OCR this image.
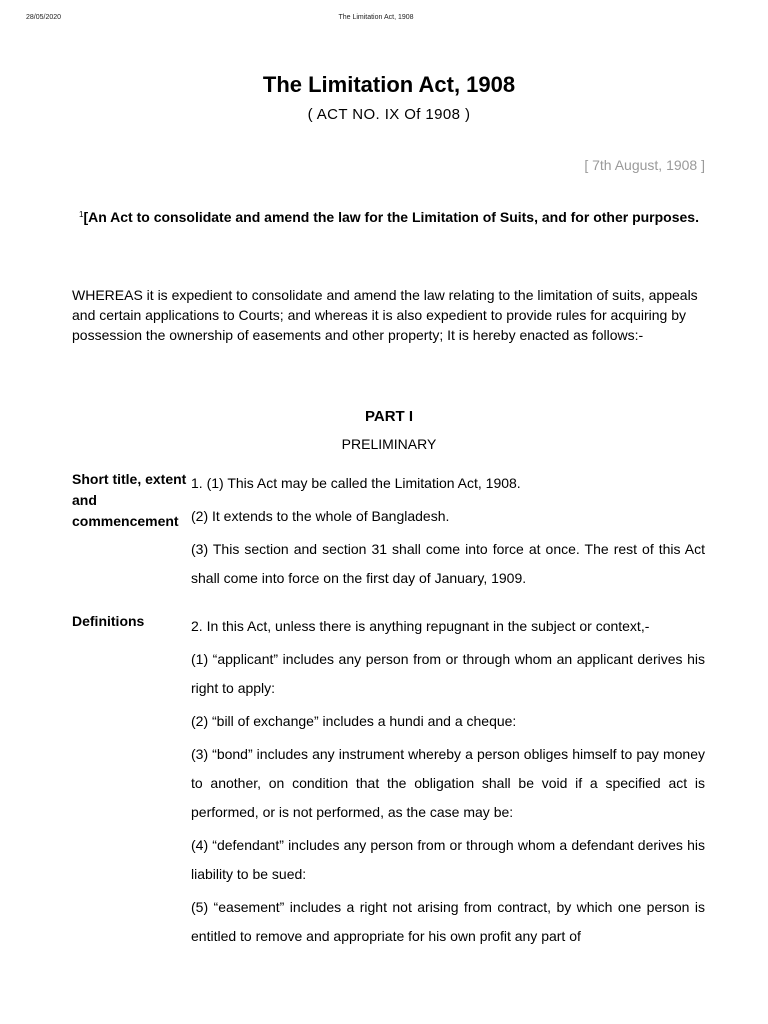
28/05/2020	The Limitation Act, 1908
The Limitation Act, 1908
( ACT NO. IX Of 1908 )
[ 7th August, 1908 ]
$^1$[An Act to consolidate and amend the law for the Limitation of Suits, and for other purposes.

WHEREAS it is expedient to consolidate and amend the law relating to the limitation of suits, appeals and certain applications to Courts; and whereas it is also expedient to provide rules for acquiring by possession the ownership of easements and other property; It is hereby enacted as follows:-

PART I
PRELIMINARY
Short title, extent and commencement

1. (1) This Act may be called the Limitation Act, 1908.

(2) It extends to the whole of Bangladesh.

(3) This section and section 31 shall come into force at once. The rest of this Act shall come into force on the first day of January, 1909.

Definitions	2. In this Act, unless there is anything repugnant in the subject or context,-

(1) “applicant” includes any person from or through whom an applicant derives his right to apply:

(2) “bill of exchange” includes a hundi and a cheque:

(3) “bond” includes any instrument whereby a person obliges himself to pay money to another, on condition that the obligation shall be void if a specified act is performed, or is not performed, as the case may be:

(4) “defendant” includes any person from or through whom a defendant derives his liability to be sued:

(5) “easement” includes a right not arising from contract, by which one person is entitled to remove and appropriate for his own profit any part of
